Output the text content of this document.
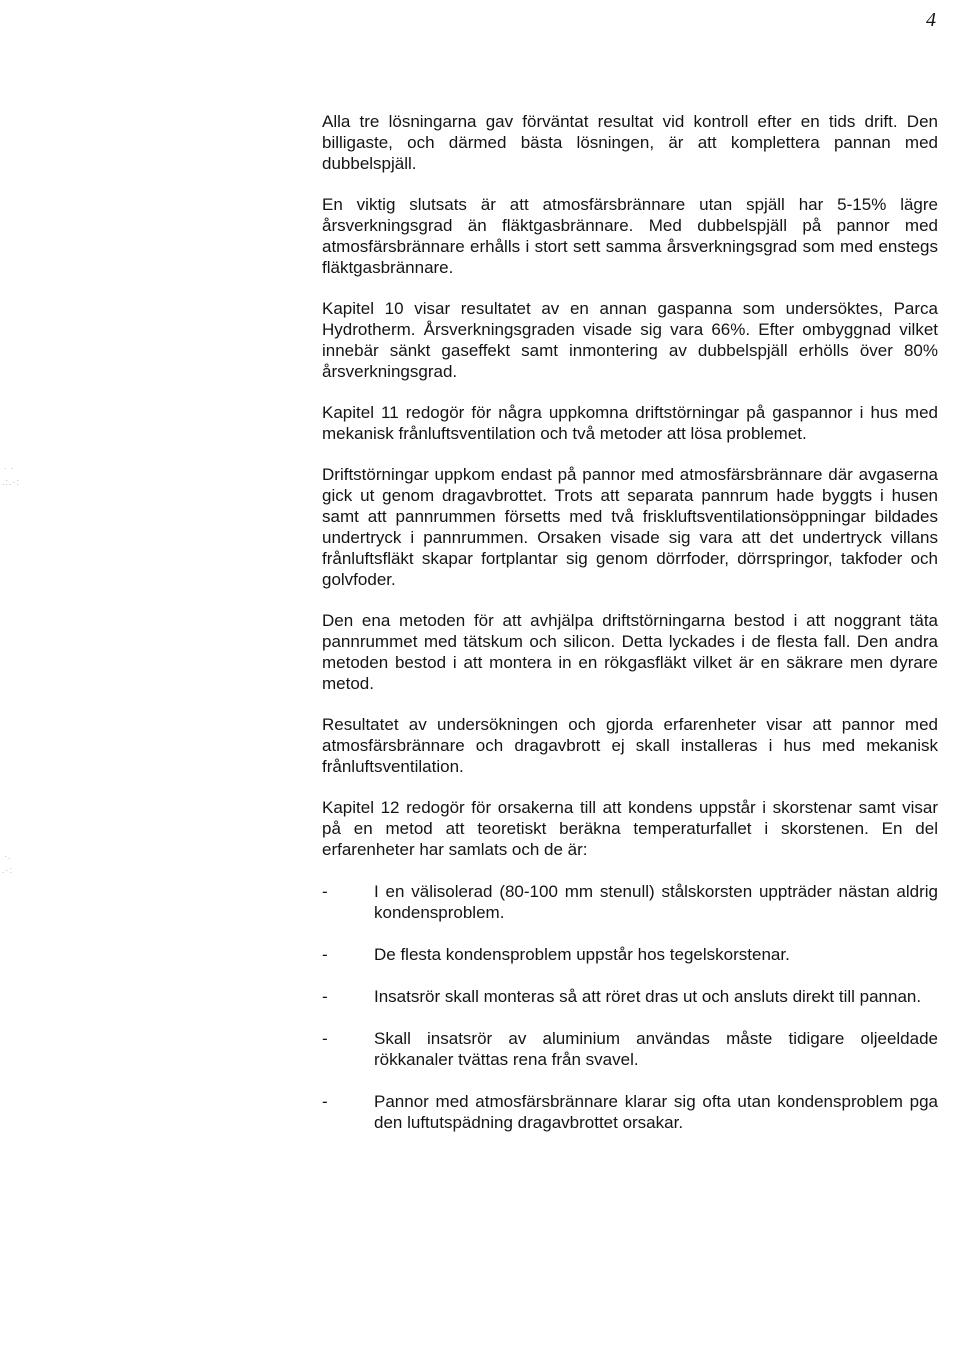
4

Alla tre lösningarna gav förväntat resultat vid kontroll efter en tids drift. Den billigaste, och därmed bästa lösningen, är att komplettera pannan med dubbelspjäll.

En viktig slutsats är att atmosfärsbrännare utan spjäll har 5-15% lägre årsverkningsgrad än fläktgasbrännare. Med dubbelspjäll på pannor med atmosfärsbrännare erhålls i stort sett samma årsverkningsgrad som med enstegs fläktgasbrännare.

Kapitel 10 visar resultatet av en annan gaspanna som undersöktes, Parca Hydrotherm. Årsverkningsgraden visade sig vara 66%. Efter ombyggnad vilket innebär sänkt gaseffekt samt inmontering av dubbelspjäll erhölls över 80% årsverkningsgrad.

Kapitel 11 redogör för några uppkomna driftstörningar på gaspannor i hus med mekanisk frånluftsventilation och två metoder att lösa problemet.

Driftstörningar uppkom endast på pannor med atmosfärsbrännare där avgaserna gick ut genom dragavbrottet. Trots att separata pannrum hade byggts i husen samt att pannrummen försetts med två friskluftsventilationsöppningar bildades undertryck i pannrummen. Orsaken visade sig vara att det undertryck villans frånluftsfläkt skapar fortplantar sig genom dörrfoder, dörrspringor, takfoder och golvfoder.

Den ena metoden för att avhjälpa driftstörningarna bestod i att noggrant täta pannrummet med tätskum och silicon. Detta lyckades i de flesta fall. Den andra metoden bestod i att montera in en rökgasfläkt vilket är en säkrare men dyrare metod.

Resultatet av undersökningen och gjorda erfarenheter visar att pannor med atmosfärsbrännare och dragavbrott ej skall installeras i hus med mekanisk frånluftsventilation.

Kapitel 12 redogör för orsakerna till att kondens uppstår i skorstenar samt visar på en metod att teoretiskt beräkna temperaturfallet i skorstenen. En del erfarenheter har samlats och de är:

-	I en välisolerad (80-100 mm stenull) stålskorsten uppträder nästan aldrig kondensproblem.
-	De flesta kondensproblem uppstår hos tegelskorstenar.
-	Insatsrör skall monteras så att röret dras ut och ansluts direkt till pannan.
-	Skall insatsrör av aluminium användas måste tidigare oljeeldade rökkanaler tvättas rena från svavel.
-	Pannor med atmosfärsbrännare klarar sig ofta utan kondensproblem pga den luftutspädning dragavbrottet orsakar.
. .
.:.·:
·.
.·:
